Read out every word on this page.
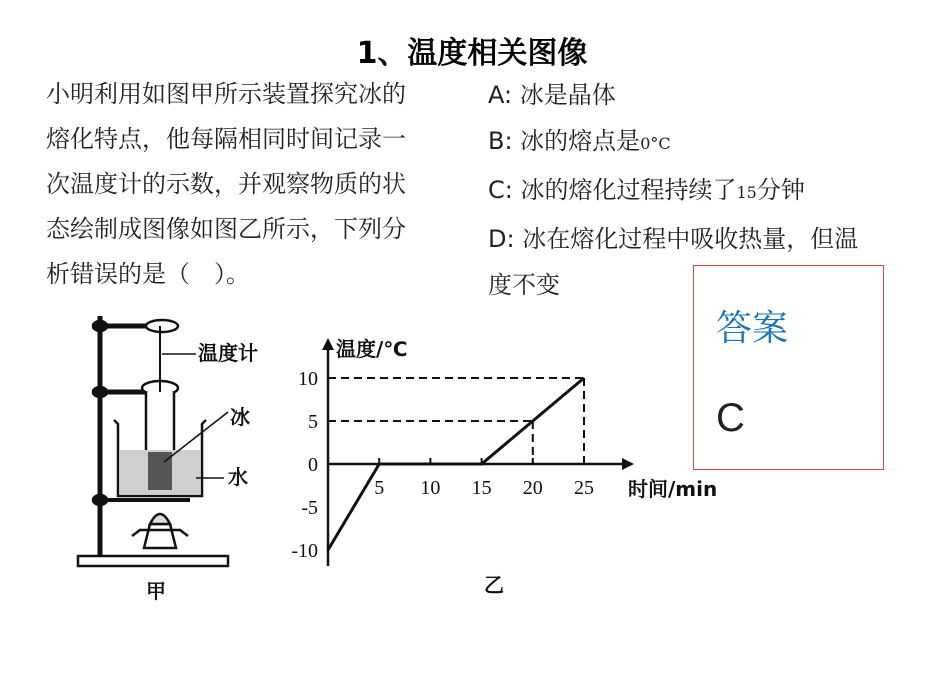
1、温度相关图像
小明利用如图甲所示装置探究冰的
熔化特点，他每隔相同时间记录一
次温度计的示数，并观察物质的状
态绘制成图像如图乙所示，下列分
析错误的是（　）。
A: 冰是晶体
B: 冰的熔点是0°C
C: 冰的熔化过程持续了15分钟
D: 冰在熔化过程中吸收热量，但温
度不变
答案
C
温度计
冰
水
甲
温度/℃
时间/min
5 10 15 20 25
10
5
0
-5
-10
乙
